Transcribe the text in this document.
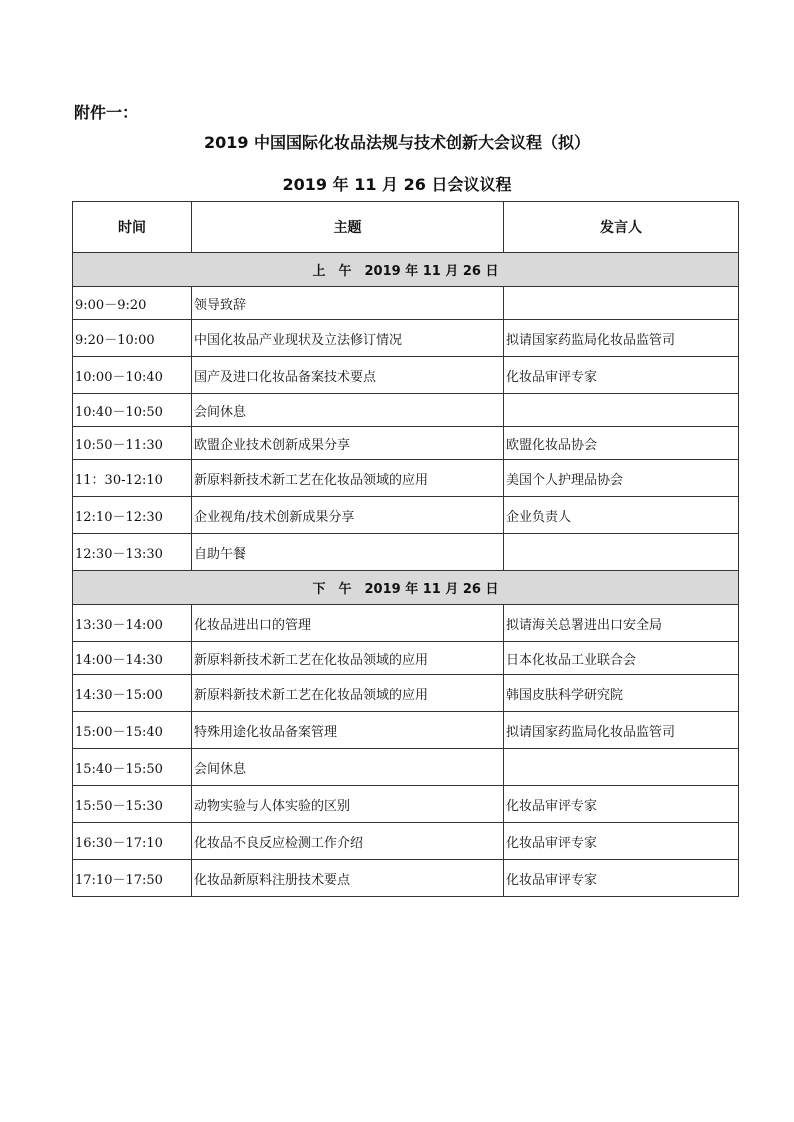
附件一：
2019 中国国际化妆品法规与技术创新大会议程（拟）
2019 年 11 月 26 日会议议程
时间	主题	发言人
上　午　2019 年 11 月 26 日		
9:00－9:20	领导致辞	
9:20－10:00	中国化妆品产业现状及立法修订情况	拟请国家药监局化妆品监管司
10:00－10:40	国产及进口化妆品备案技术要点	化妆品审评专家
10:40－10:50	会间休息	
10:50－11:30	欧盟企业技术创新成果分享	欧盟化妆品协会
11：30-12:10	新原料新技术新工艺在化妆品领域的应用	美国个人护理品协会
12:10－12:30	企业视角/技术创新成果分享	企业负责人
12:30－13:30	自助午餐	
下　午　2019 年 11 月 26 日		
13:30－14:00	化妆品进出口的管理	拟请海关总署进出口安全局
14:00－14:30	新原料新技术新工艺在化妆品领域的应用	日本化妆品工业联合会
14:30－15:00	新原料新技术新工艺在化妆品领域的应用	韩国皮肤科学研究院
15:00－15:40	特殊用途化妆品备案管理	拟请国家药监局化妆品监管司
15:40－15:50	会间休息	
15:50－15:30	动物实验与人体实验的区别	化妆品审评专家
16:30－17:10	化妆品不良反应检测工作介绍	化妆品审评专家
17:10－17:50	化妆品新原料注册技术要点	化妆品审评专家
